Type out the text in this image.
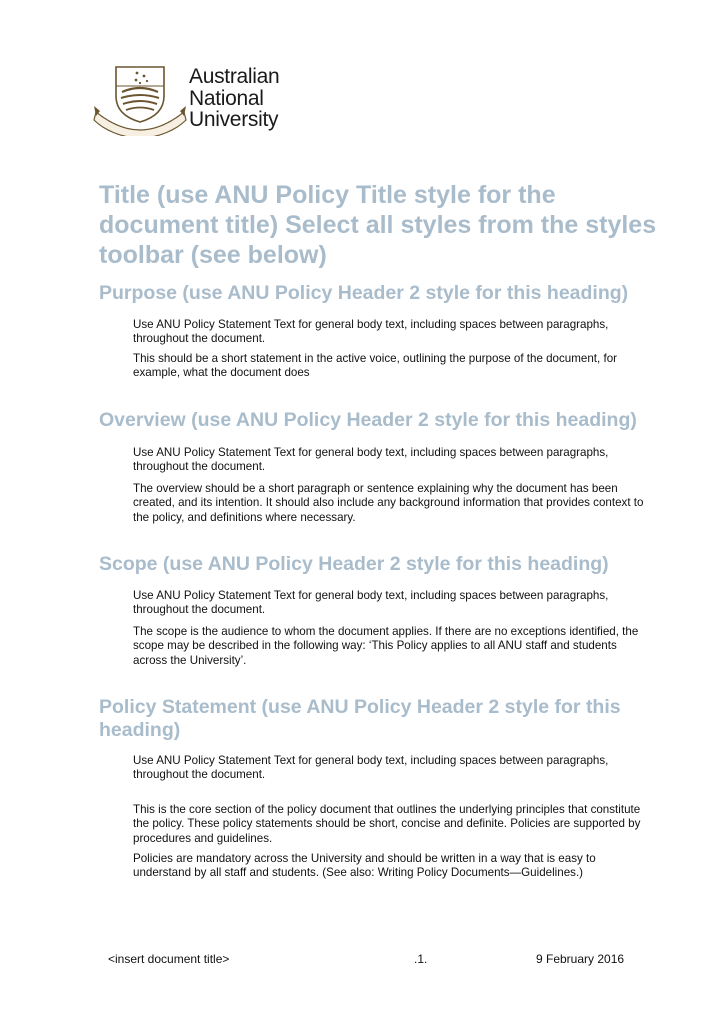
Australian
National
University
Title (use ANU Policy Title style for the document title) Select all styles from the styles toolbar (see below)
Purpose (use ANU Policy Header 2 style for this heading)

Use ANU Policy Statement Text for general body text, including spaces between paragraphs, throughout the document.

This should be a short statement in the active voice, outlining the purpose of the document, for example, what the document does

Overview (use ANU Policy Header 2 style for this heading)

Use ANU Policy Statement Text for general body text, including spaces between paragraphs, throughout the document.

The overview should be a short paragraph or sentence explaining why the document has been created, and its intention. It should also include any background information that provides context to the policy, and definitions where necessary.

Scope (use ANU Policy Header 2 style for this heading)

Use ANU Policy Statement Text for general body text, including spaces between paragraphs, throughout the document.

The scope is the audience to whom the document applies. If there are no exceptions identified, the scope may be described in the following way: ‘This Policy applies to all ANU staff and students across the University’.

Policy Statement (use ANU Policy Header 2 style for this heading)

Use ANU Policy Statement Text for general body text, including spaces between paragraphs, throughout the document.

This is the core section of the policy document that outlines the underlying principles that constitute the policy. These policy statements should be short, concise and definite. Policies are supported by procedures and guidelines.

Policies are mandatory across the University and should be written in a way that is easy to understand by all staff and students. (See also: Writing Policy Documents—Guidelines.)

<insert document title>	.1.	9 February 2016
